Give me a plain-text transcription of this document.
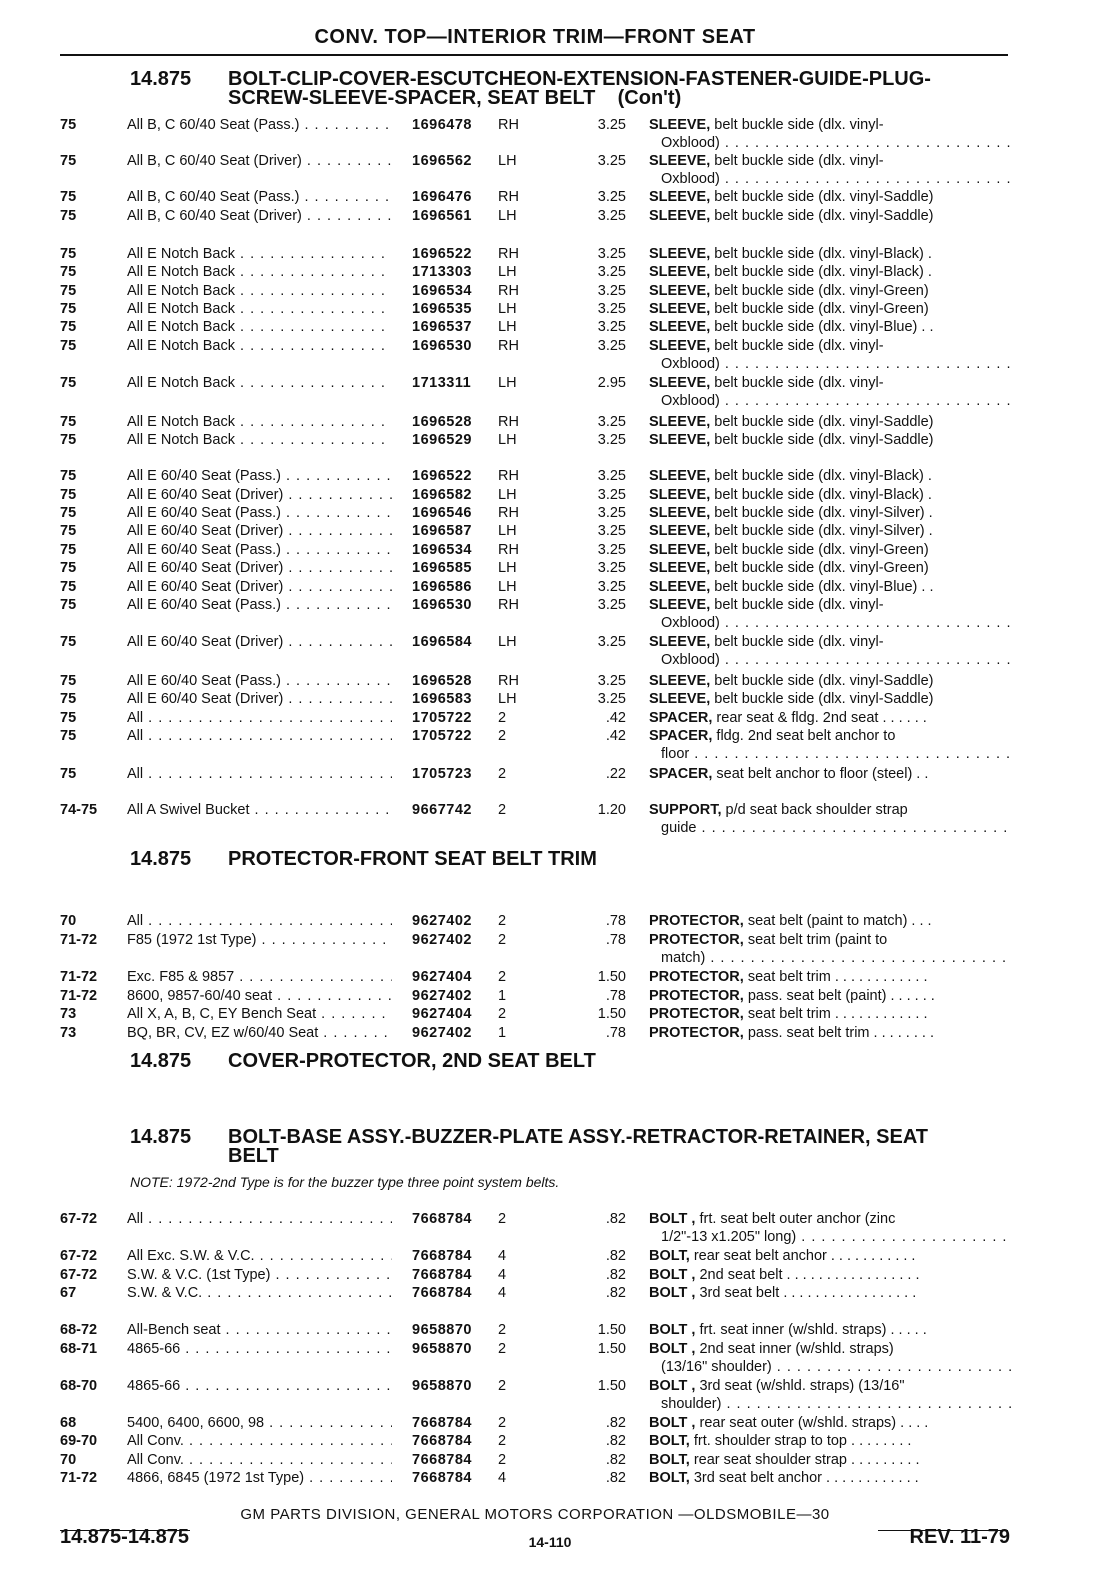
CONV. TOP—INTERIOR TRIM—FRONT SEAT
14.875 BOLT-CLIP-COVER-ESCUTCHEON-EXTENSION-FASTENER-GUIDE-PLUG-
SCREW-SLEEVE-SPACER, SEAT BELT    (Con't)
14.875 PROTECTOR-FRONT SEAT BELT TRIM
14.875 COVER-PROTECTOR, 2ND SEAT BELT
14.875 BOLT-BASE ASSY.-BUZZER-PLATE ASSY.-RETRACTOR-RETAINER, SEAT
BELT
NOTE: 1972-2nd Type is for the buzzer type three point system belts.
75	All B, C 60/40 Seat (Pass.) . . .	1696478 RH	3.25 SLEEVE, belt buckle side (dlx. vinyl-
Oxblood) . . .
75	All B, C 60/40 Seat (Driver) . . .	1696562 LH	3.25 SLEEVE, belt buckle side (dlx. vinyl-
Oxblood) . . .
75	All B, C 60/40 Seat (Pass.) . . .	1696476 RH	3.25 SLEEVE, belt buckle side (dlx. vinyl-Saddle)
75	All B, C 60/40 Seat (Driver) . . .	1696561 LH	3.25 SLEEVE, belt buckle side (dlx. vinyl-Saddle)
75	All E Notch Back . . .	1696522 RH	3.25 SLEEVE, belt buckle side (dlx. vinyl-Black) .
75	All E Notch Back . . .	1713303 LH	3.25 SLEEVE, belt buckle side (dlx. vinyl-Black) .
75	All E Notch Back . . .	1696534 RH	3.25 SLEEVE, belt buckle side (dlx. vinyl-Green)
75	All E Notch Back . . .	1696535 LH	3.25 SLEEVE, belt buckle side (dlx. vinyl-Green)
75	All E Notch Back . . .	1696537 LH	3.25 SLEEVE, belt buckle side (dlx. vinyl-Blue) . .
75	All E Notch Back . . .	1696530 RH	3.25 SLEEVE, belt buckle side (dlx. vinyl-
Oxblood) . . .
75	All E Notch Back . . .	1713311 LH	2.95 SLEEVE, belt buckle side (dlx. vinyl-
Oxblood) . . .
75	All E Notch Back . . .	1696528 RH	3.25 SLEEVE, belt buckle side (dlx. vinyl-Saddle)
75	All E Notch Back . . .	1696529 LH	3.25 SLEEVE, belt buckle side (dlx. vinyl-Saddle)
75	All E 60/40 Seat (Pass.) . . .	1696522 RH	3.25 SLEEVE, belt buckle side (dlx. vinyl-Black) .
75	All E 60/40 Seat (Driver) . . .	1696582 LH	3.25 SLEEVE, belt buckle side (dlx. vinyl-Black) .
75	All E 60/40 Seat (Pass.) . . .	1696546 RH	3.25 SLEEVE, belt buckle side (dlx. vinyl-Silver) .
75	All E 60/40 Seat (Driver) . . .	1696587 LH	3.25 SLEEVE, belt buckle side (dlx. vinyl-Silver) .
75	All E 60/40 Seat (Pass.) . . .	1696534 RH	3.25 SLEEVE, belt buckle side (dlx. vinyl-Green)
75	All E 60/40 Seat (Driver) . . .	1696585 LH	3.25 SLEEVE, belt buckle side (dlx. vinyl-Green)
75	All E 60/40 Seat (Driver) . . .	1696586 LH	3.25 SLEEVE, belt buckle side (dlx. vinyl-Blue) . .
75	All E 60/40 Seat (Pass.) . . .	1696530 RH	3.25 SLEEVE, belt buckle side (dlx. vinyl-
Oxblood) . . .
75	All E 60/40 Seat (Driver) . . .	1696584 LH	3.25 SLEEVE, belt buckle side (dlx. vinyl-
Oxblood) . . .
75	All E 60/40 Seat (Pass.) . . .	1696528 RH	3.25 SLEEVE, belt buckle side (dlx. vinyl-Saddle)
75	All E 60/40 Seat (Driver) . . .	1696583 LH	3.25 SLEEVE, belt buckle side (dlx. vinyl-Saddle)
75	All . . .	1705722 2	.42 SPACER, rear seat & fldg. 2nd seat . . . . . .
75	All . . .	1705722 2	.42 SPACER, fldg. 2nd seat belt anchor to
floor . . .
75	All . . .	1705723 2	.22 SPACER, seat belt anchor to floor (steel) . .
74-75 All A Swivel Bucket . . .	9667742 2	1.20 SUPPORT, p/d seat back shoulder strap
guide . . .
70	All . . .	9627402 2	.78 PROTECTOR, seat belt (paint to match) . . .
71-72 F85 (1972 1st Type) . . .	9627402 2	.78 PROTECTOR, seat belt trim (paint to
match) . . .
71-72 Exc. F85 & 9857 . . .	9627404 2	1.50 PROTECTOR, seat belt trim . . . . . . . . . . . .
71-72 8600, 9857-60/40 seat . . .	9627402 1	.78 PROTECTOR, pass. seat belt (paint) . . . . . .
73	All X, A, B, C, EY Bench Seat . . .	9627404 2	1.50 PROTECTOR, seat belt trim . . . . . . . . . . . .
73	BQ, BR, CV, EZ w/60/40 Seat . . .	9627402 1	.78 PROTECTOR, pass. seat belt trim . . . . . . . .
67-72 All . . .	7668784 2	.82 BOLT , frt. seat belt outer anchor (zinc
1/2"-13 x1.205" long) . . .
67-72 All Exc. S.W. & V.C. . . .	7668784 4	.82 BOLT, rear seat belt anchor . . . . . . . . . . .
67-72 S.W. & V.C. (1st Type) . . .	7668784 4	.82 BOLT , 2nd seat belt . . . . . . . . . . . . . . . . .
67	S.W. & V.C. . . .	7668784 4	.82 BOLT , 3rd seat belt . . . . . . . . . . . . . . . . .
68-72 All-Bench seat . . .	9658870 2	1.50 BOLT , frt. seat inner (w/shld. straps) . . . . .
68-71 4865-66 . . .	9658870 2	1.50 BOLT , 2nd seat inner (w/shld. straps)
(13/16" shoulder) . . .
68-70 4865-66 . . .	9658870 2	1.50 BOLT , 3rd seat (w/shld. straps) (13/16"
shoulder) . . .
68	5400, 6400, 6600, 98 . . .	7668784 2	.82 BOLT , rear seat outer (w/shld. straps) . . . .
69-70 All Conv. . . .	7668784 2	.82 BOLT, frt. shoulder strap to top . . . . . . . .
70	All Conv. . . .	7668784 2	.82 BOLT, rear seat shoulder strap . . . . . . . . .
71-72 4866, 6845 (1972 1st Type) . . .	7668784 4	.82 BOLT, 3rd seat belt anchor . . . . . . . . . . . .
GM PARTS DIVISION, GENERAL MOTORS CORPORATION —OLDSMOBILE—30
14.875-14.875	14-110	REV. 11-79
